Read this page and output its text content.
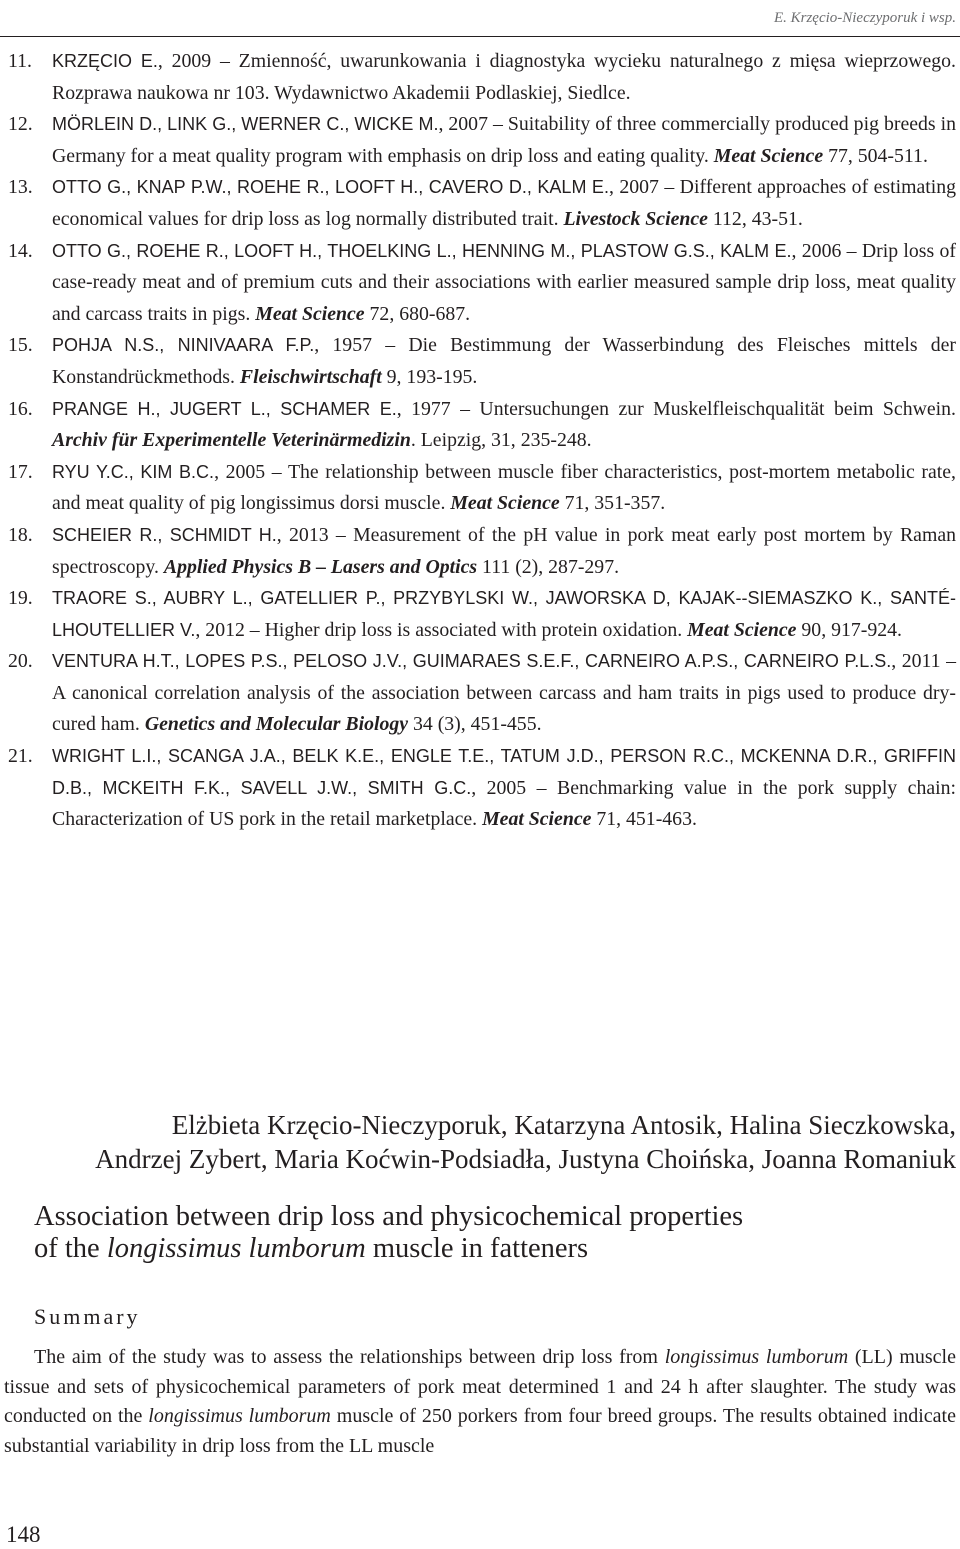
E. Krzęcio-Nieczyporuk i wsp.
11.	KRZĘCIO E., 2009 – Zmienność, uwarunkowania i diagnostyka wycieku naturalnego z mięsa wieprzowego. Rozprawa naukowa nr 103. Wydawnictwo Akademii Podlaskiej, Siedlce.
12.	MÖRLEIN D., LINK G., WERNER C., WICKE M., 2007 – Suitability of three commercially produced pig breeds in Germany for a meat quality program with emphasis on drip loss and eating quality. Meat Science 77, 504-511.
13.	OTTO G., KNAP P.W., ROEHE R., LOOFT H., CAVERO D., KALM E., 2007 – Different approaches of estimating economical values for drip loss as log normally distributed trait. Livestock Science 112, 43-51.
14.	OTTO G., ROEHE R., LOOFT H., THOELKING L., HENNING M., PLASTOW G.S., KALM E., 2006 – Drip loss of case-ready meat and of premium cuts and their associations with earlier measured sample drip loss, meat quality and carcass traits in pigs. Meat Science 72, 680-687.
15.	POHJA N.S., NINIVAARA F.P., 1957 – Die Bestimmung der Wasserbindung des Fleisches mittels der Konstandrückmethods. Fleischwirtschaft 9, 193-195.
16.	PRANGE H., JUGERT L., SCHAMER E., 1977 – Untersuchungen zur Muskelfleischqualität beim Schwein. Archiv für Experimentelle Veterinärmedizin. Leipzig, 31, 235-248.
17.	RYU Y.C., KIM B.C., 2005 – The relationship between muscle fiber characteristics, post-mortem metabolic rate, and meat quality of pig longissimus dorsi muscle. Meat Science 71, 351-357.
18.	SCHEIER R., SCHMIDT H., 2013 – Measurement of the pH value in pork meat early post mortem by Raman spectroscopy. Applied Physics B – Lasers and Optics 111 (2), 287-297.
19.	TRAORE S., AUBRY L., GATELLIER P., PRZYBYLSKI W., JAWORSKA D, KAJAK--SIEMASZKO K., SANTÉ-LHOUTELLIER V., 2012 – Higher drip loss is associated with protein oxidation. Meat Science 90, 917-924.
20.	VENTURA H.T., LOPES P.S., PELOSO J.V., GUIMARAES S.E.F., CARNEIRO A.P.S., CARNEIRO P.L.S., 2011 – A canonical correlation analysis of the association between carcass and ham traits in pigs used to produce dry-cured ham. Genetics and Molecular Biology 34 (3), 451-455.
21.	WRIGHT L.I., SCANGA J.A., BELK K.E., ENGLE T.E., TATUM J.D., PERSON R.C., MCKENNA D.R., GRIFFIN D.B., MCKEITH F.K., SAVELL J.W., SMITH G.C., 2005 – Benchmarking value in the pork supply chain: Characterization of US pork in the retail marketplace. Meat Science 71, 451-463.
Elżbieta Krzęcio-Nieczyporuk, Katarzyna Antosik, Halina Sieczkowska,
Andrzej Zybert, Maria Koćwin-Podsiadła, Justyna Choińska, Joanna Romaniuk
Association between drip loss and physicochemical properties
of the longissimus lumborum muscle in fatteners
Summary
The aim of the study was to assess the relationships between drip loss from longissimus lumborum (LL) muscle tissue and sets of physicochemical parameters of pork meat determined 1 and 24 h after slaughter. The study was conducted on the longissimus lumborum muscle of 250 porkers from four breed groups. The results obtained indicate substantial variability in drip loss from the LL muscle
148
